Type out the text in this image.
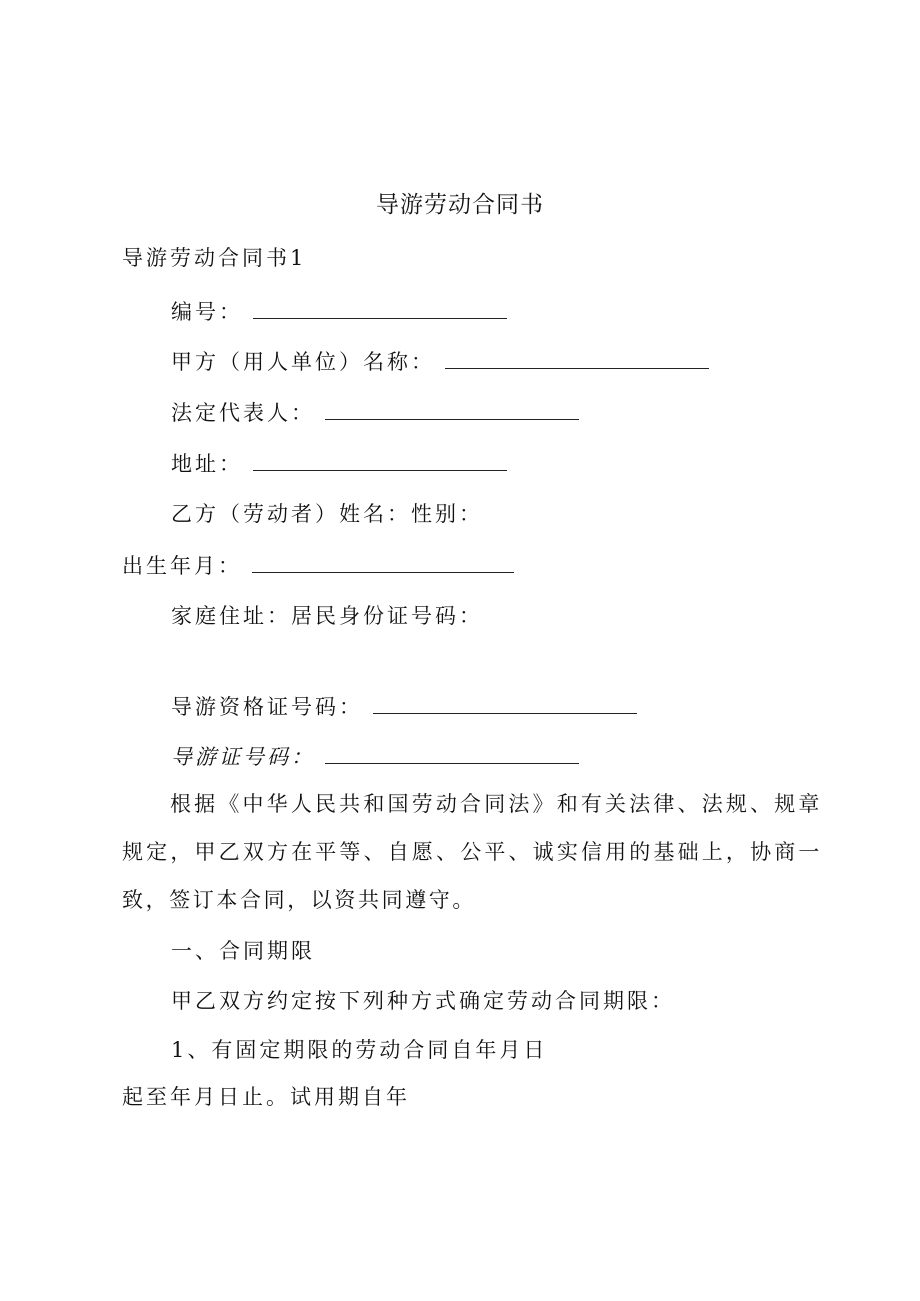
导游劳动合同书
导游劳动合同书1
编号：
甲方（用人单位）名称：
法定代表人：
地址：
乙方（劳动者）姓名：性别：
出生年月：
家庭住址：居民身份证号码：
导游资格证号码：
导游证号码：
根据《中华人民共和国劳动合同法》和有关法律、法规、规章规定，甲乙双方在平等、自愿、公平、诚实信用的基础上，协商一致，签订本合同，以资共同遵守。
一、合同期限
甲乙双方约定按下列种方式确定劳动合同期限：
1、有固定期限的劳动合同自年月日
起至年月日止。试用期自年
